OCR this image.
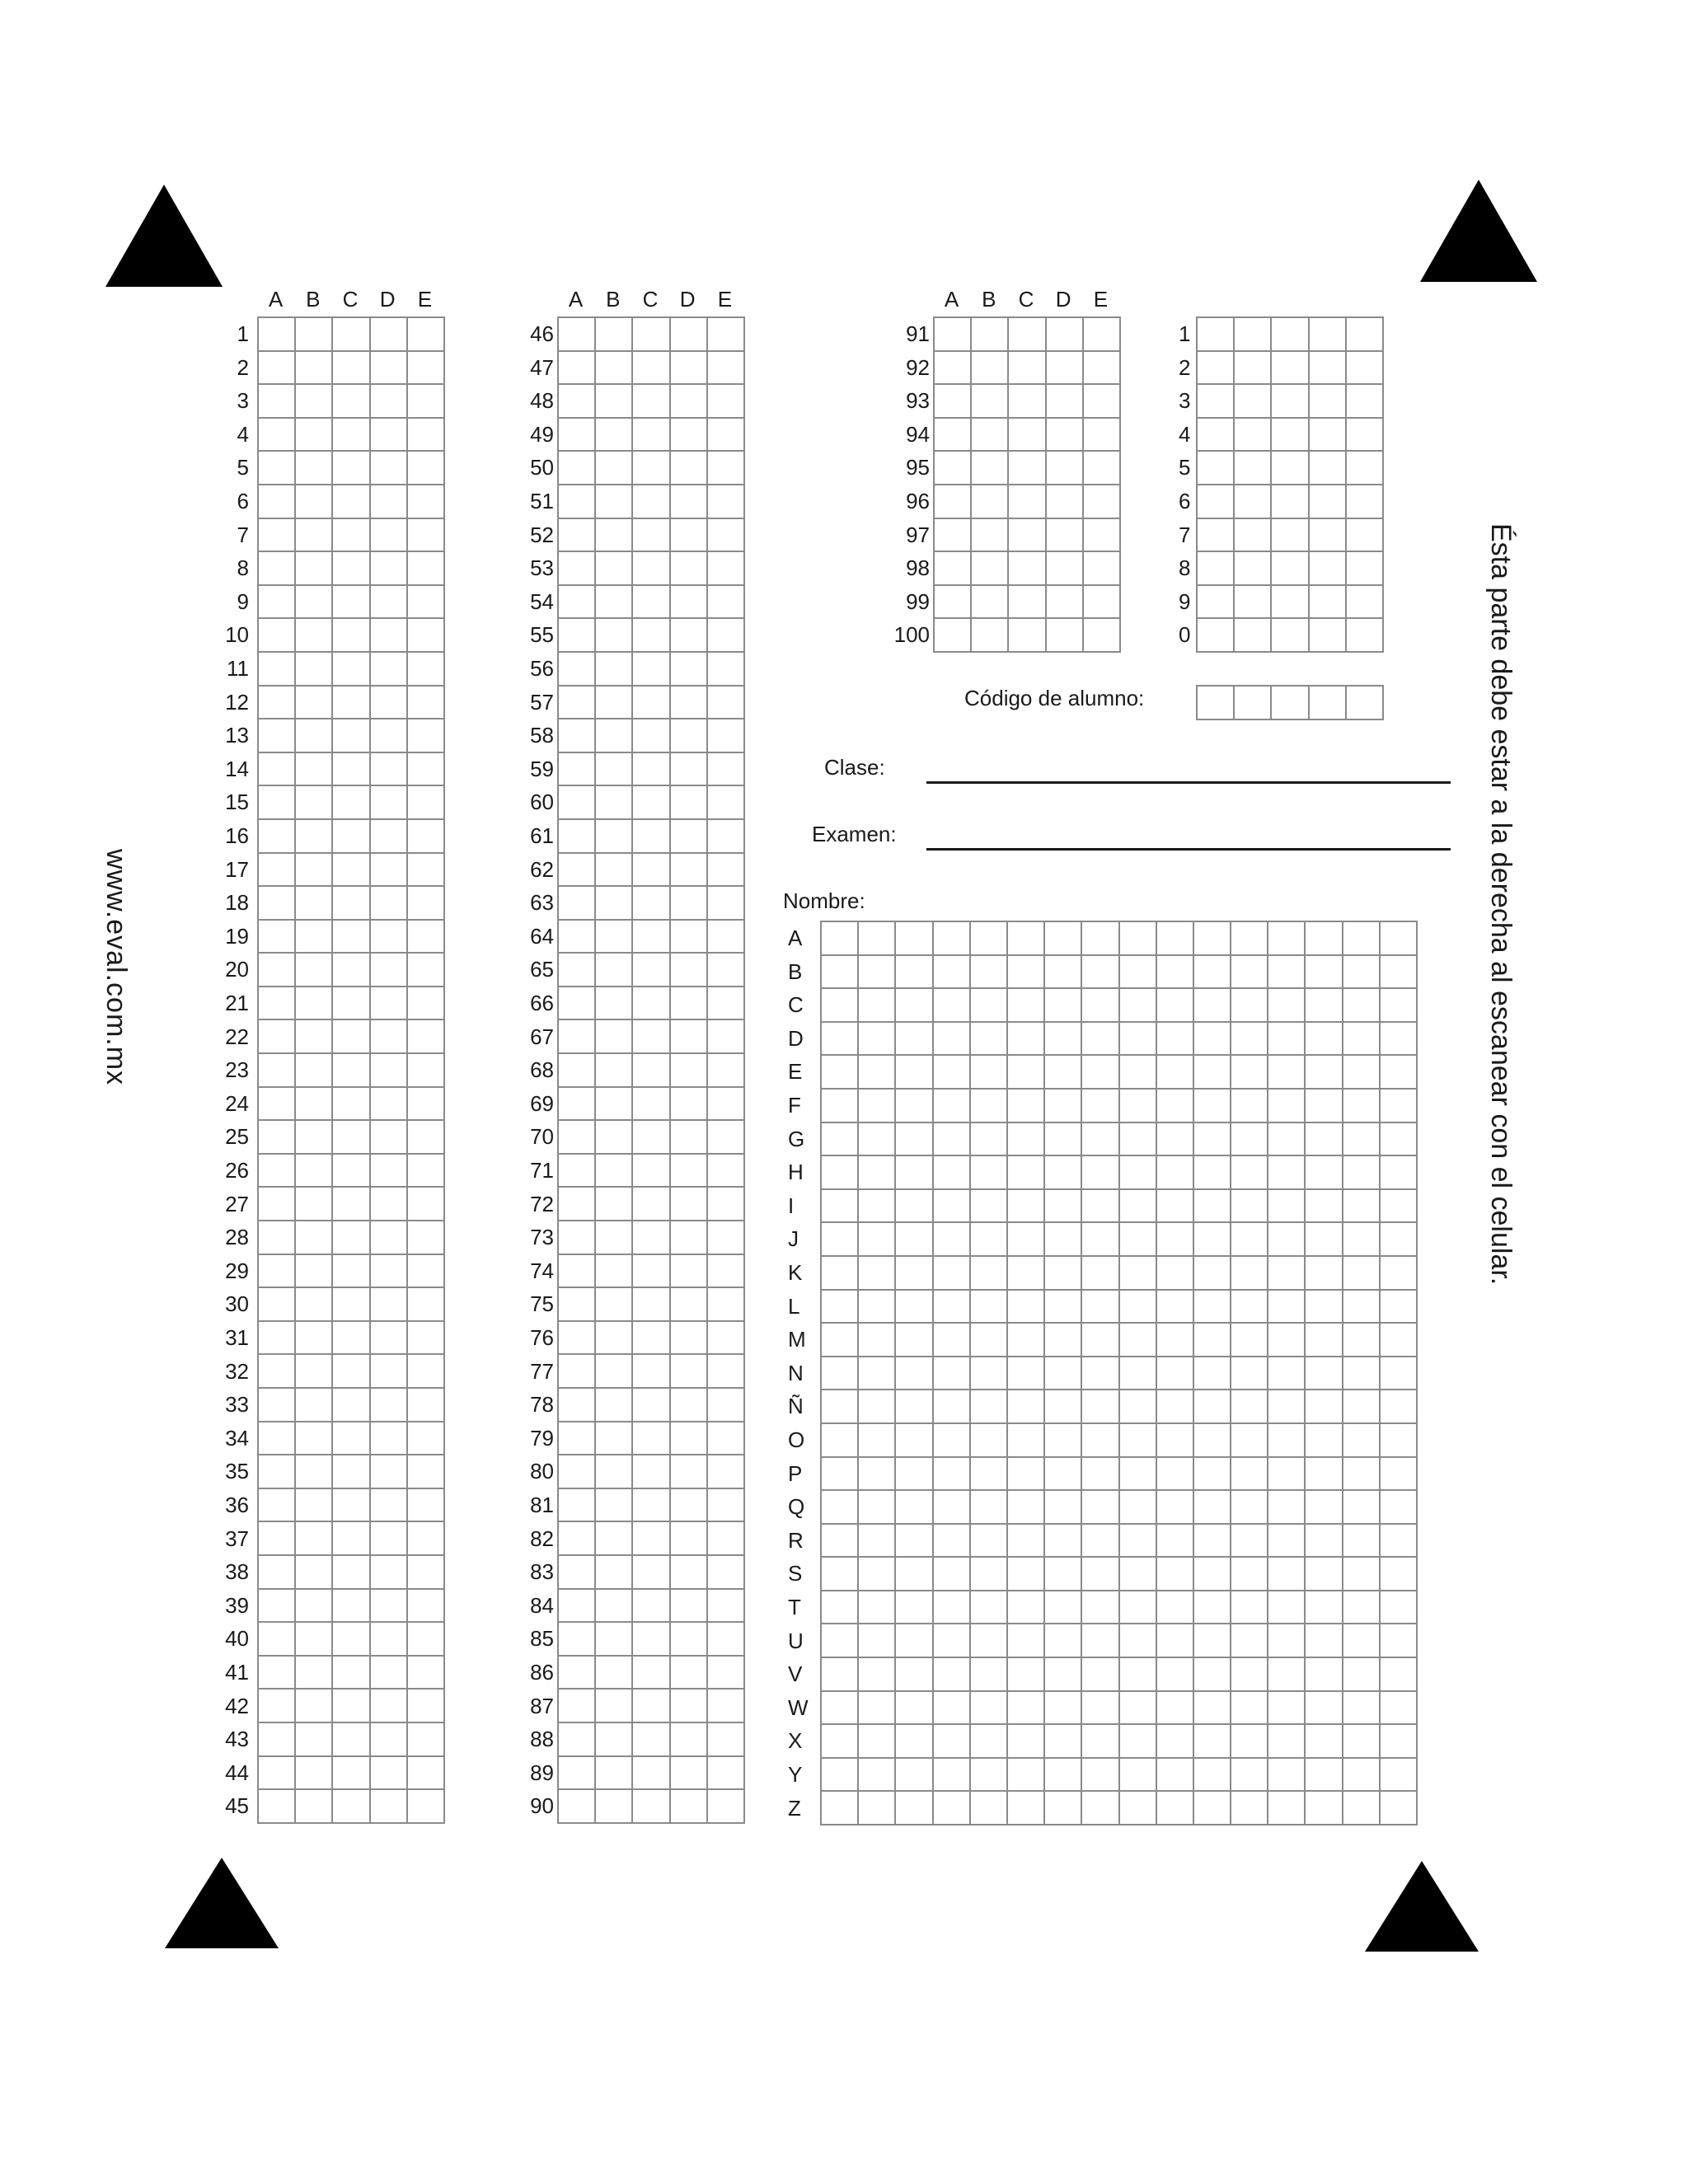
www.eval.com.mx	Ésta parte debe estar a la derecha al escanear con el celular.
Código de alumno:
Clase:
Examen:
Nombre:
A	B	C	D	E

1
2
3
4
5
6
7
8
9
10
11
12
13
14
15
16
17
18
19
20
21
22
23
24
25
26
27
28
29
30
31
32
33
34
35
36
37
38
39
40
41
42
43
44
45
A	B	C	D	E

46
47
48
49
50
51
52
53
54
55
56
57
58
59
60
61
62
63
64
65
66
67
68
69
70
71
72
73
74
75
76
77
78
79
80
81
82
83
84
85
86
87
88
89
90
A	B	C	D	E

91
92
93
94
95
96
97
98
99
100

1
2
3
4
5
6
7
8
9
0

A
B
C
D
E
F
G
H
I
J
K
L
M
N
Ñ
O
P
Q
R
S
T
U
V
W
X
Y
Z
